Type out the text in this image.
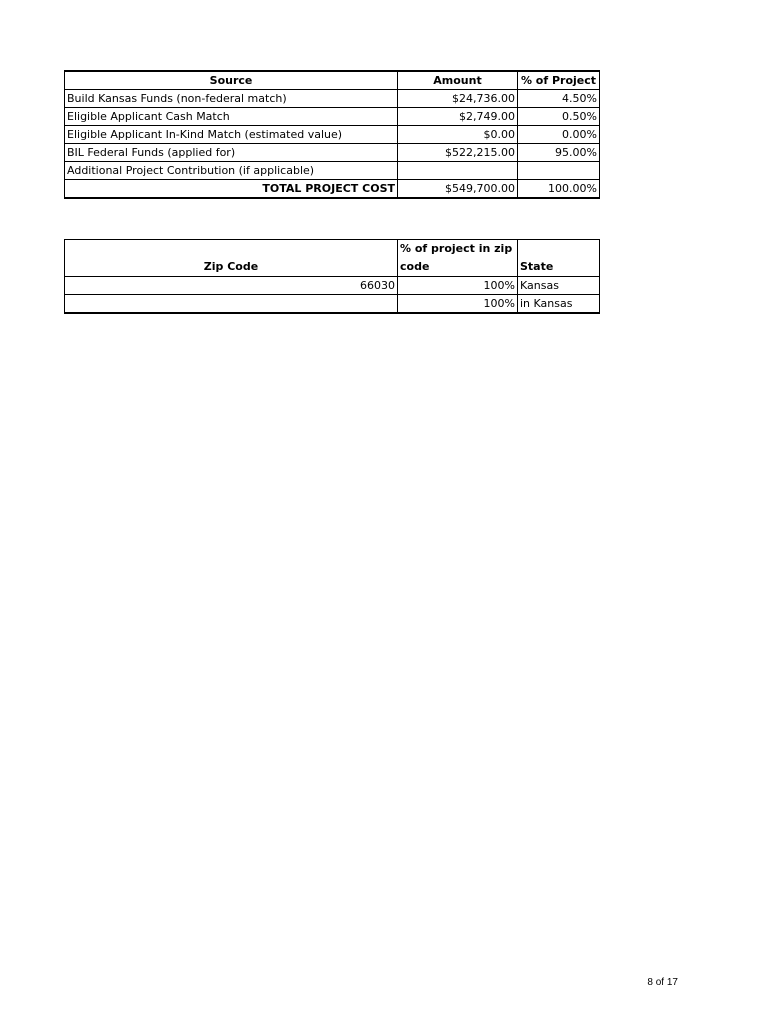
Source	Amount	% of Project
Build Kansas Funds (non-federal match)	$24,736.00	4.50%
Eligible Applicant Cash Match	$2,749.00	0.50%
Eligible Applicant In-Kind Match (estimated value)	$0.00	0.00%
BIL Federal Funds (applied for)	$522,215.00	95.00%
Additional Project Contribution (if applicable)		
TOTAL PROJECT COST	$549,700.00	100.00%
Zip Code	% of project in zip code	State
66030	100%	Kansas
	100%	in Kansas
8 of 17
